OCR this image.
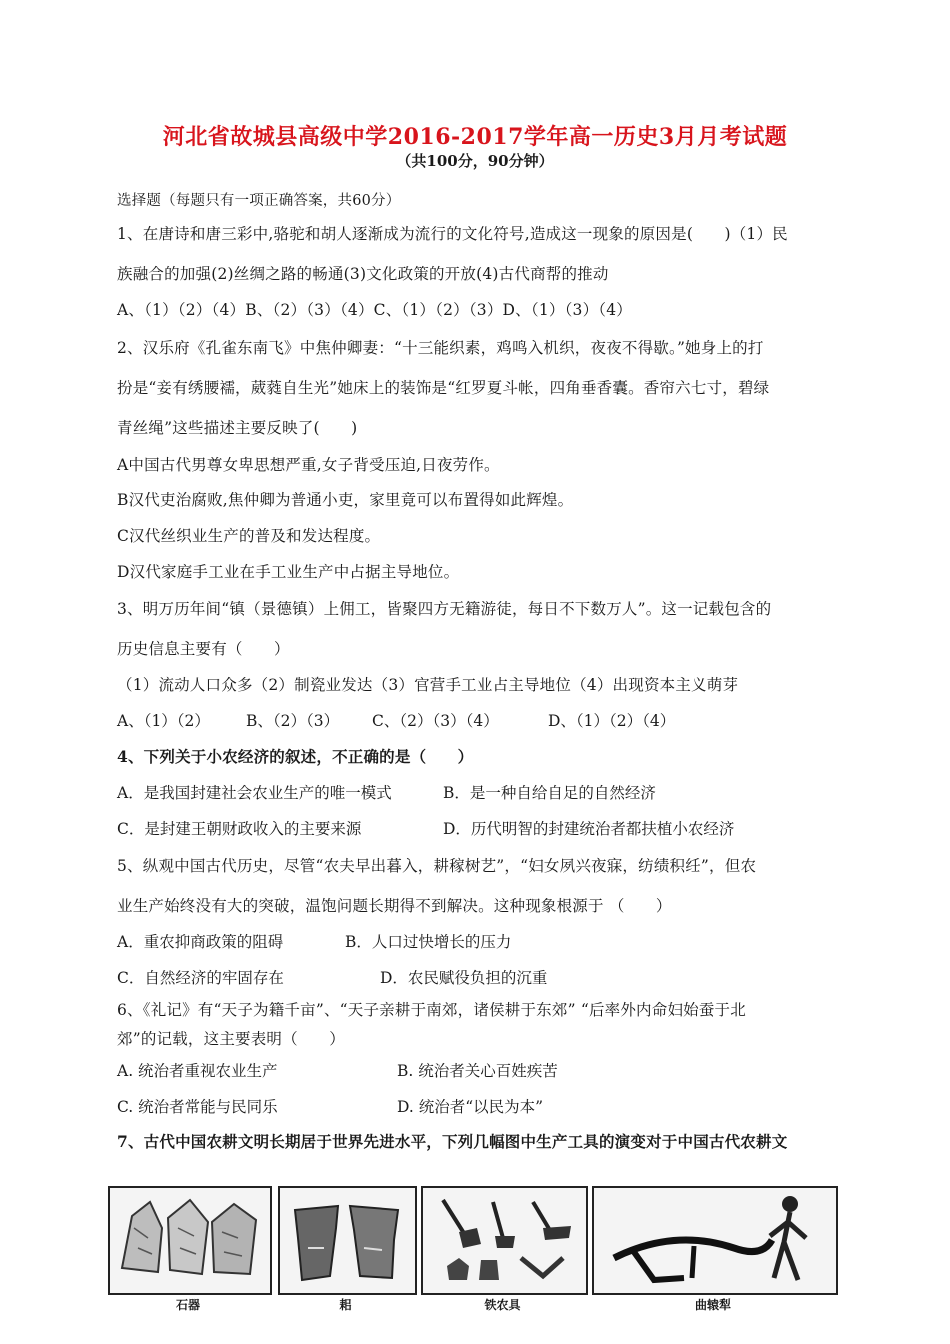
河北省故城县高级中学2016-2017学年高一历史3月月考试题
（共100分，90分钟）
选择题（每题只有一项正确答案，共60分）
1、在唐诗和唐三彩中,骆驼和胡人逐渐成为流行的文化符号,造成这一现象的原因是(　　)（1）民
族融合的加强(2)丝绸之路的畅通(3)文化政策的开放(4)古代商帮的推动
A、（1）（2）（4）B、（2）（3）（4）C、（1）（2）（3）D、（1）（3）（4）
2、汉乐府《孔雀东南飞》中焦仲卿妻：“十三能织素，鸡鸣入机织，夜夜不得歇。”她身上的打
扮是“妾有绣腰襦，葳蕤自生光”她床上的装饰是“红罗夏斗帐，四角垂香囊。香帘六七寸，碧绿
青丝绳”这些描述主要反映了(　　)
A中国古代男尊女卑思想严重,女子背受压迫,日夜劳作。
B汉代吏治腐败,焦仲卿为普通小吏，家里竟可以布置得如此辉煌。
C汉代丝织业生产的普及和发达程度。
D汉代家庭手工业在手工业生产中占据主导地位。
3、明万历年间“镇（景德镇）上佣工，皆聚四方无籍游徒，每日不下数万人”。这一记载包含的
历史信息主要有（　　）
（1）流动人口众多（2）制瓷业发达（3）官营手工业占主导地位（4）出现资本主义萌芽
A、（1）（2） B、（2）（3） C、（2）（3）（4）	D、（1）（2）（4）
4、下列关于小农经济的叙述，不正确的是（　　）
A．是我国封建社会农业生产的唯一模式	B．是一种自给自足的自然经济
C．是封建王朝财政收入的主要来源	D．历代明智的封建统治者都扶植小农经济
5、纵观中国古代历史，尽管“农夫早出暮入，耕稼树艺”，“妇女夙兴夜寐，纺绩积纴”，但农
业生产始终没有大的突破，温饱问题长期得不到解决。这种现象根源于 （　　）
A．重农抑商政策的阻碍	B．人口过快增长的压力
C．自然经济的牢固存在	D．农民赋役负担的沉重
6、《礼记》有“天子为籍千亩”、“天子亲耕于南郊，诸侯耕于东郊” “后率外内命妇始蚕于北
郊”的记载，这主要表明（　　）
A. 统治者重视农业生产	B. 统治者关心百姓疾苦
C. 统治者常能与民同乐	D. 统治者“以民为本”
7、古代中国农耕文明长期居于世界先进水平，下列几幅图中生产工具的演变对于中国古代农耕文
石器	耜	铁农具	曲辕犁
